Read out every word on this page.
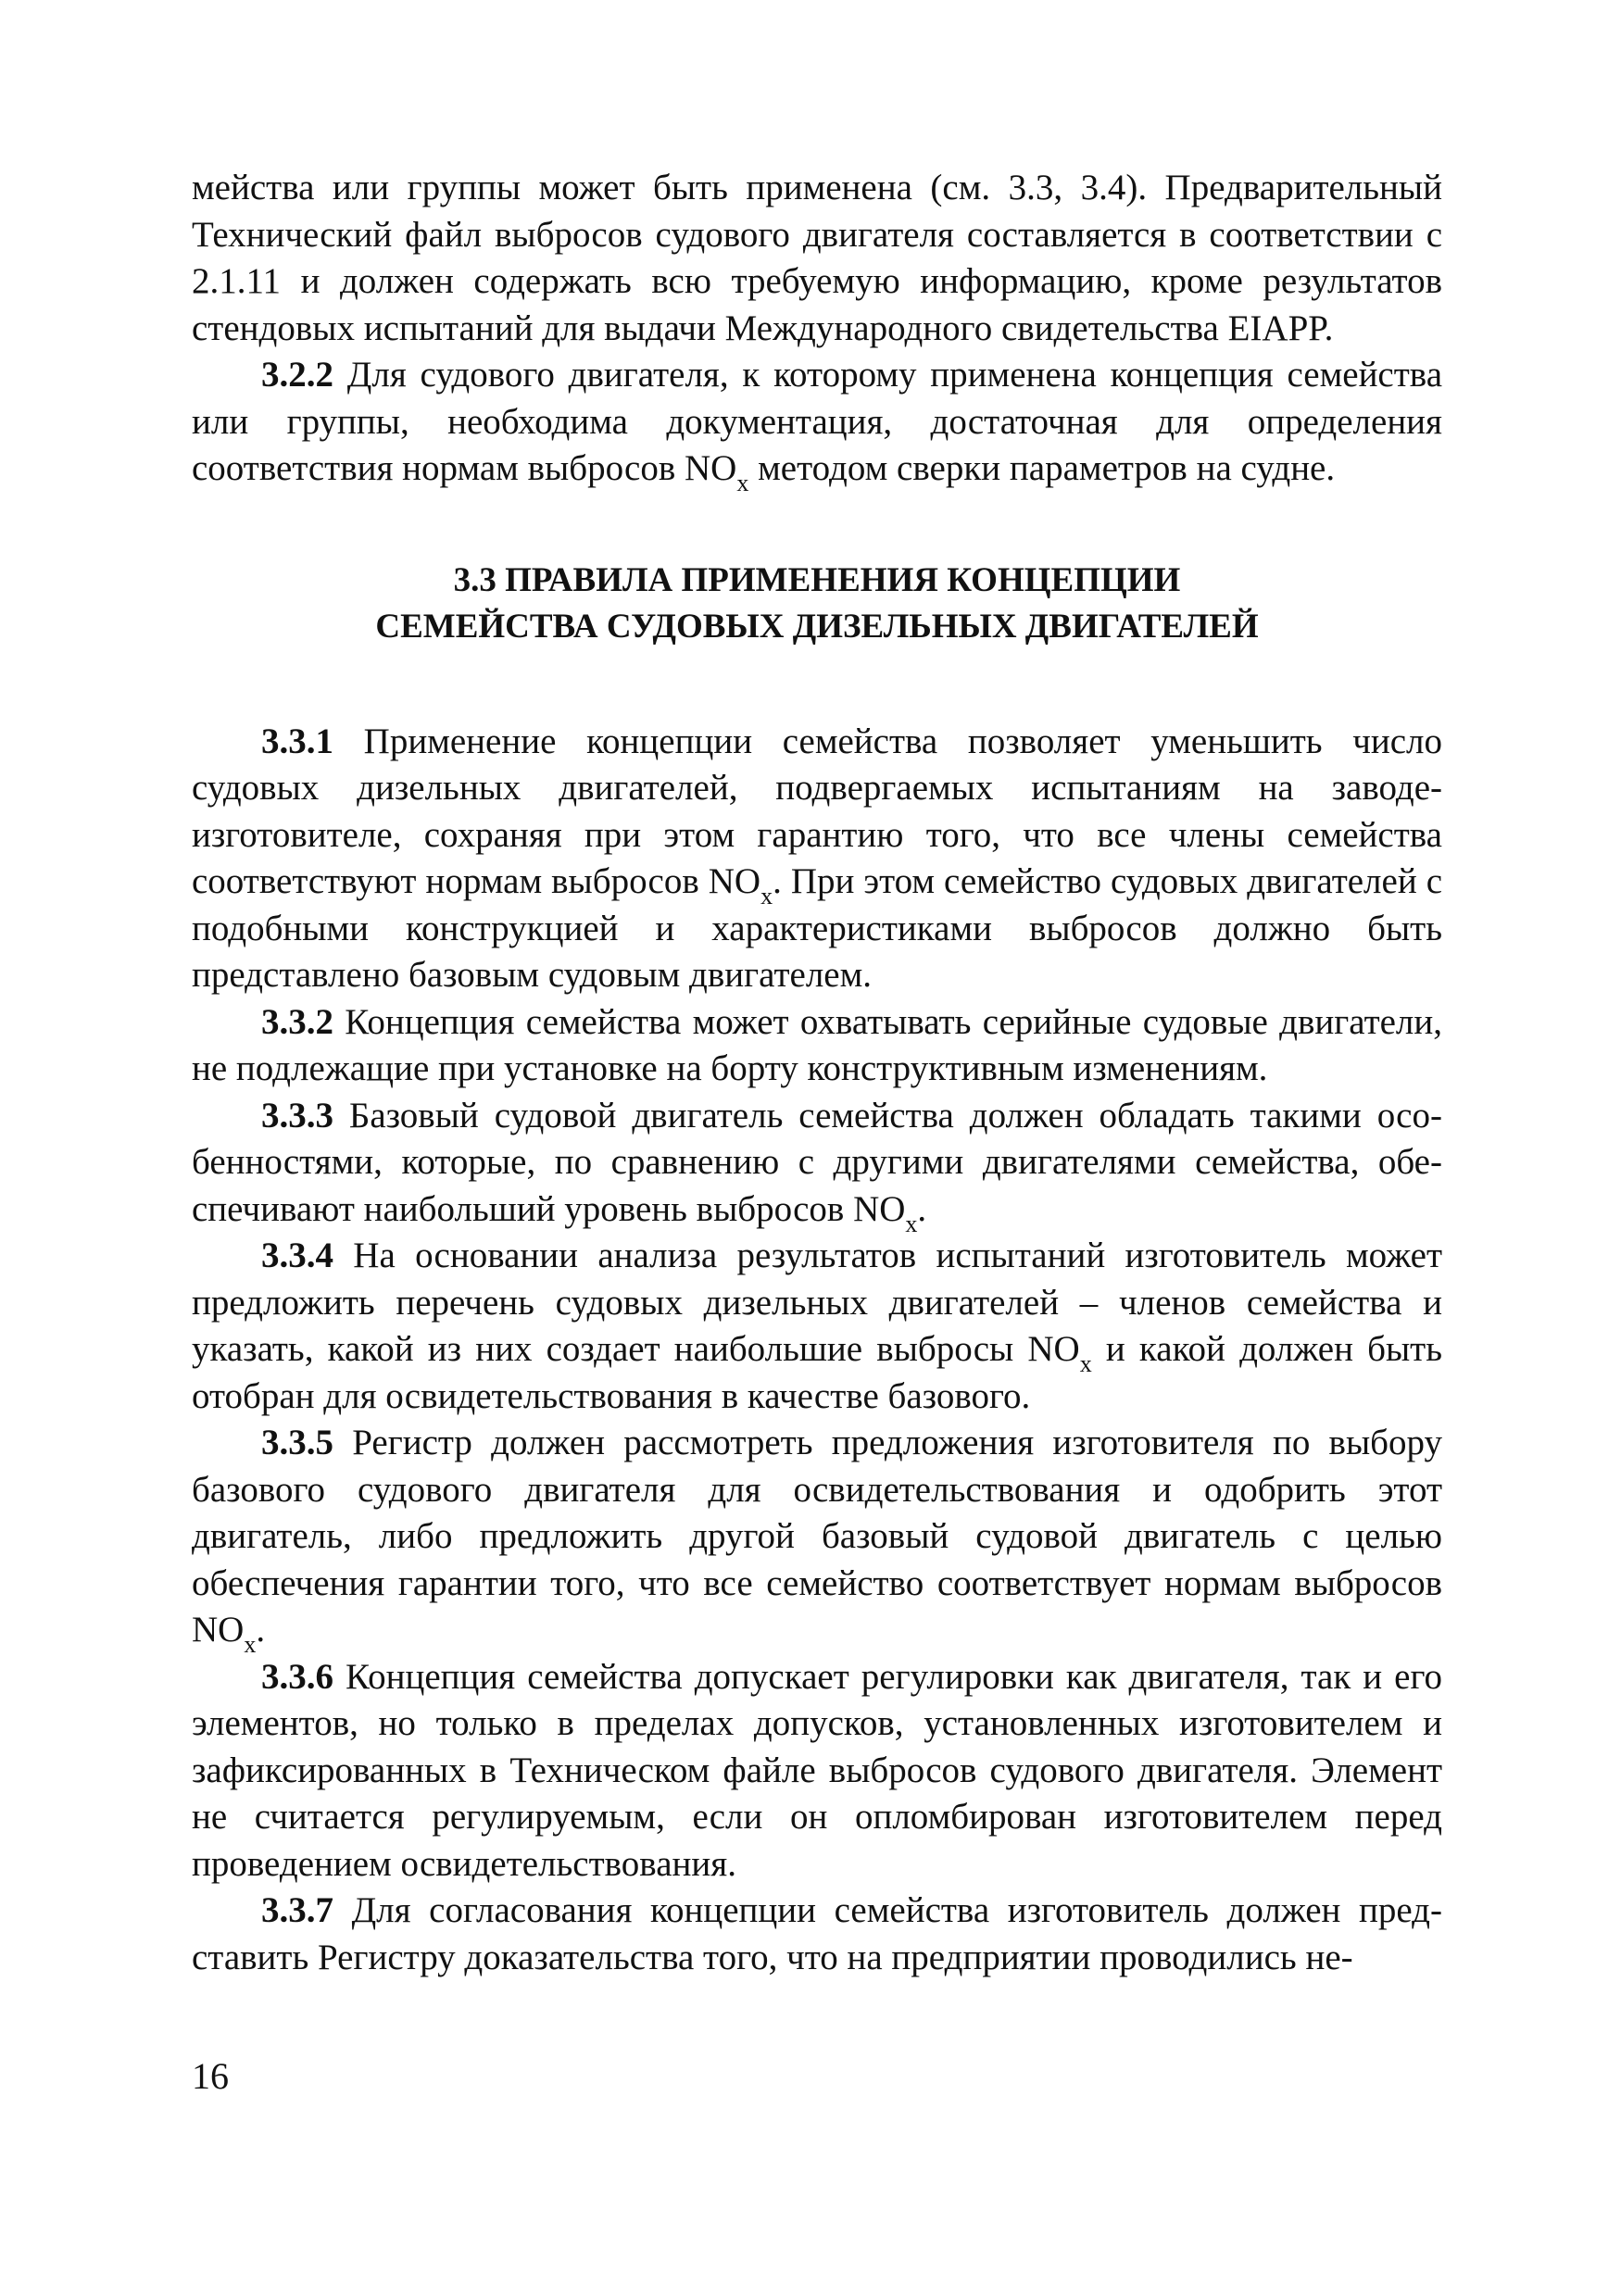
мейства или группы может быть применена (см. 3.3, 3.4). Предварительный Технический файл выбросов судового двигателя составляется в соответствии с 2.1.11 и должен содержать всю требуемую информацию, кроме результатов стендовых испытаний для выдачи Международного свидетельства EIAPP.

3.2.2 Для судового двигателя, к которому применена концепция семейства или группы, необходима документация, достаточная для определения соответствия нормам выбросов $NO_x$ методом сверки параметров на судне.

3.3 ПРАВИЛА ПРИМЕНЕНИЯ КОНЦЕПЦИИ
СЕМЕЙСТВА СУДОВЫХ ДИЗЕЛЬНЫХ ДВИГАТЕЛЕЙ

3.3.1 Применение концепции семейства позволяет уменьшить число судовых дизельных двигателей, подвергаемых испытаниям на заводе-изготовителе, сохраняя при этом гарантию того, что все члены семейства соответствуют нормам выбросов $NO_x$. При этом семейство судовых двигателей с подобными конструкцией и характеристиками выбросов должно быть представлено базовым судовым двигателем.

3.3.2 Концепция семейства может охватывать серийные судовые двигатели, не подлежащие при установке на борту конструктивным изменениям.

3.3.3 Базовый судовой двигатель семейства должен обладать такими особенностями, которые, по сравнению с другими двигателями семейства, обеспечивают наибольший уровень выбросов $NO_x$.

3.3.4 На основании анализа результатов испытаний изготовитель может предложить перечень судовых дизельных двигателей – членов семейства и указать, какой из них создает наибольшие выбросы $NO_x$ и какой должен быть отобран для освидетельствования в качестве базового.

3.3.5 Регистр должен рассмотреть предложения изготовителя по выбору базового судового двигателя для освидетельствования и одобрить этот двигатель, либо предложить другой базовый судовой двигатель с целью обеспечения гарантии того, что все семейство соответствует нормам выбросов $NO_x$.

3.3.6 Концепция семейства допускает регулировки как двигателя, так и его элементов, но только в пределах допусков, установленных изготовителем и зафиксированных в Техническом файле выбросов судового двигателя. Элемент не считается регулируемым, если он опломбирован изготовителем перед проведением освидетельствования.

3.3.7 Для согласования концепции семейства изготовитель должен представить Регистру доказательства того, что на предприятии проводились не-

16
